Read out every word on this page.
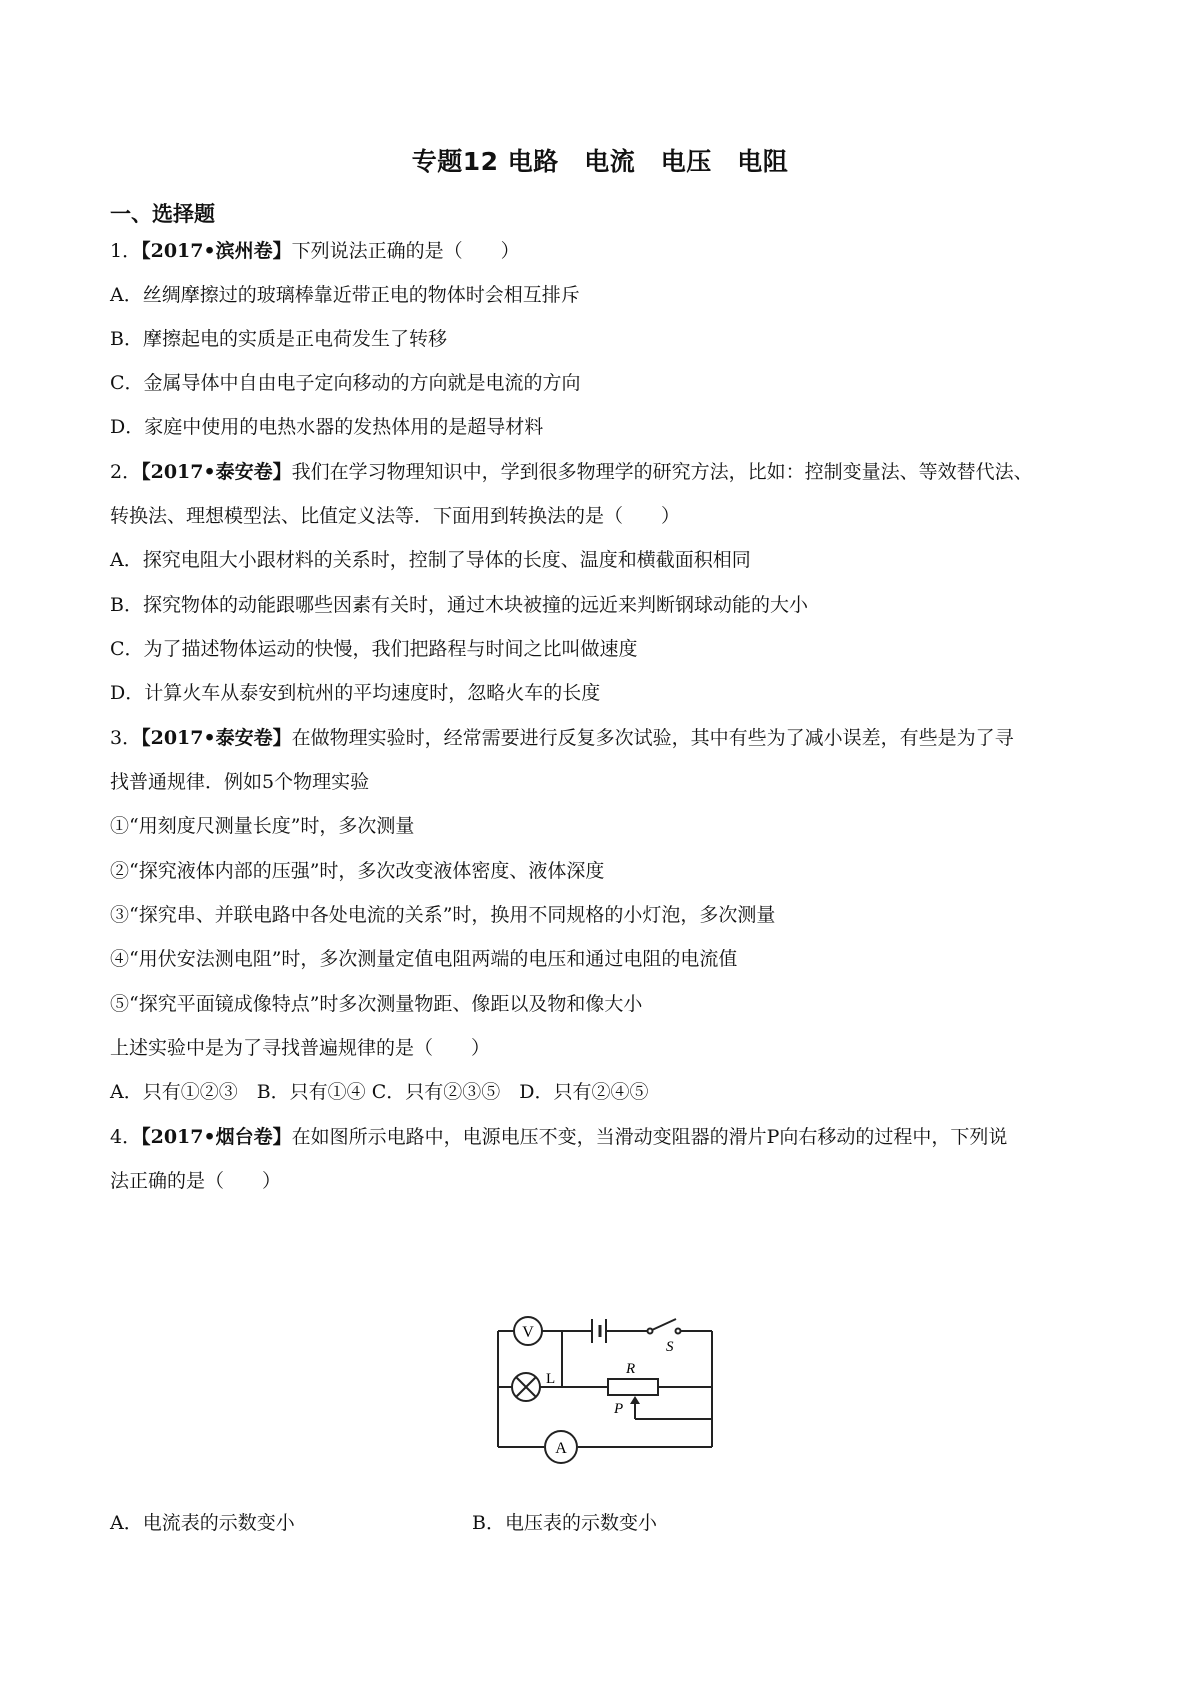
专题12 电路　电流　电压　电阻
一、选择题
1．【2017•滨州卷】下列说法正确的是（　　）
A．丝绸摩擦过的玻璃棒靠近带正电的物体时会相互排斥
B．摩擦起电的实质是正电荷发生了转移
C．金属导体中自由电子定向移动的方向就是电流的方向
D．家庭中使用的电热水器的发热体用的是超导材料
2．【2017•泰安卷】我们在学习物理知识中，学到很多物理学的研究方法，比如：控制变量法、等效替代法、
转换法、理想模型法、比值定义法等．下面用到转换法的是（　　）
A．探究电阻大小跟材料的关系时，控制了导体的长度、温度和横截面积相同
B．探究物体的动能跟哪些因素有关时，通过木块被撞的远近来判断钢球动能的大小
C．为了描述物体运动的快慢，我们把路程与时间之比叫做速度
D．计算火车从泰安到杭州的平均速度时，忽略火车的长度
3．【2017•泰安卷】在做物理实验时，经常需要进行反复多次试验，其中有些为了减小误差，有些是为了寻
找普通规律．例如5个物理实验
①“用刻度尺测量长度”时，多次测量
②“探究液体内部的压强”时，多次改变液体密度、液体深度
③“探究串、并联电路中各处电流的关系”时，换用不同规格的小灯泡，多次测量
④“用伏安法测电阻”时，多次测量定值电阻两端的电压和通过电阻的电流值
⑤“探究平面镜成像特点”时多次测量物距、像距以及物和像大小
上述实验中是为了寻找普遍规律的是（　　）
A．只有①②③　B．只有①④ C．只有②③⑤　D．只有②④⑤
4．【2017•烟台卷】在如图所示电路中，电源电压不变，当滑动变阻器的滑片P向右移动的过程中，下列说
法正确的是（　　）
V
S
L
R
P
A
A．电流表的示数变小	B．电压表的示数变小
